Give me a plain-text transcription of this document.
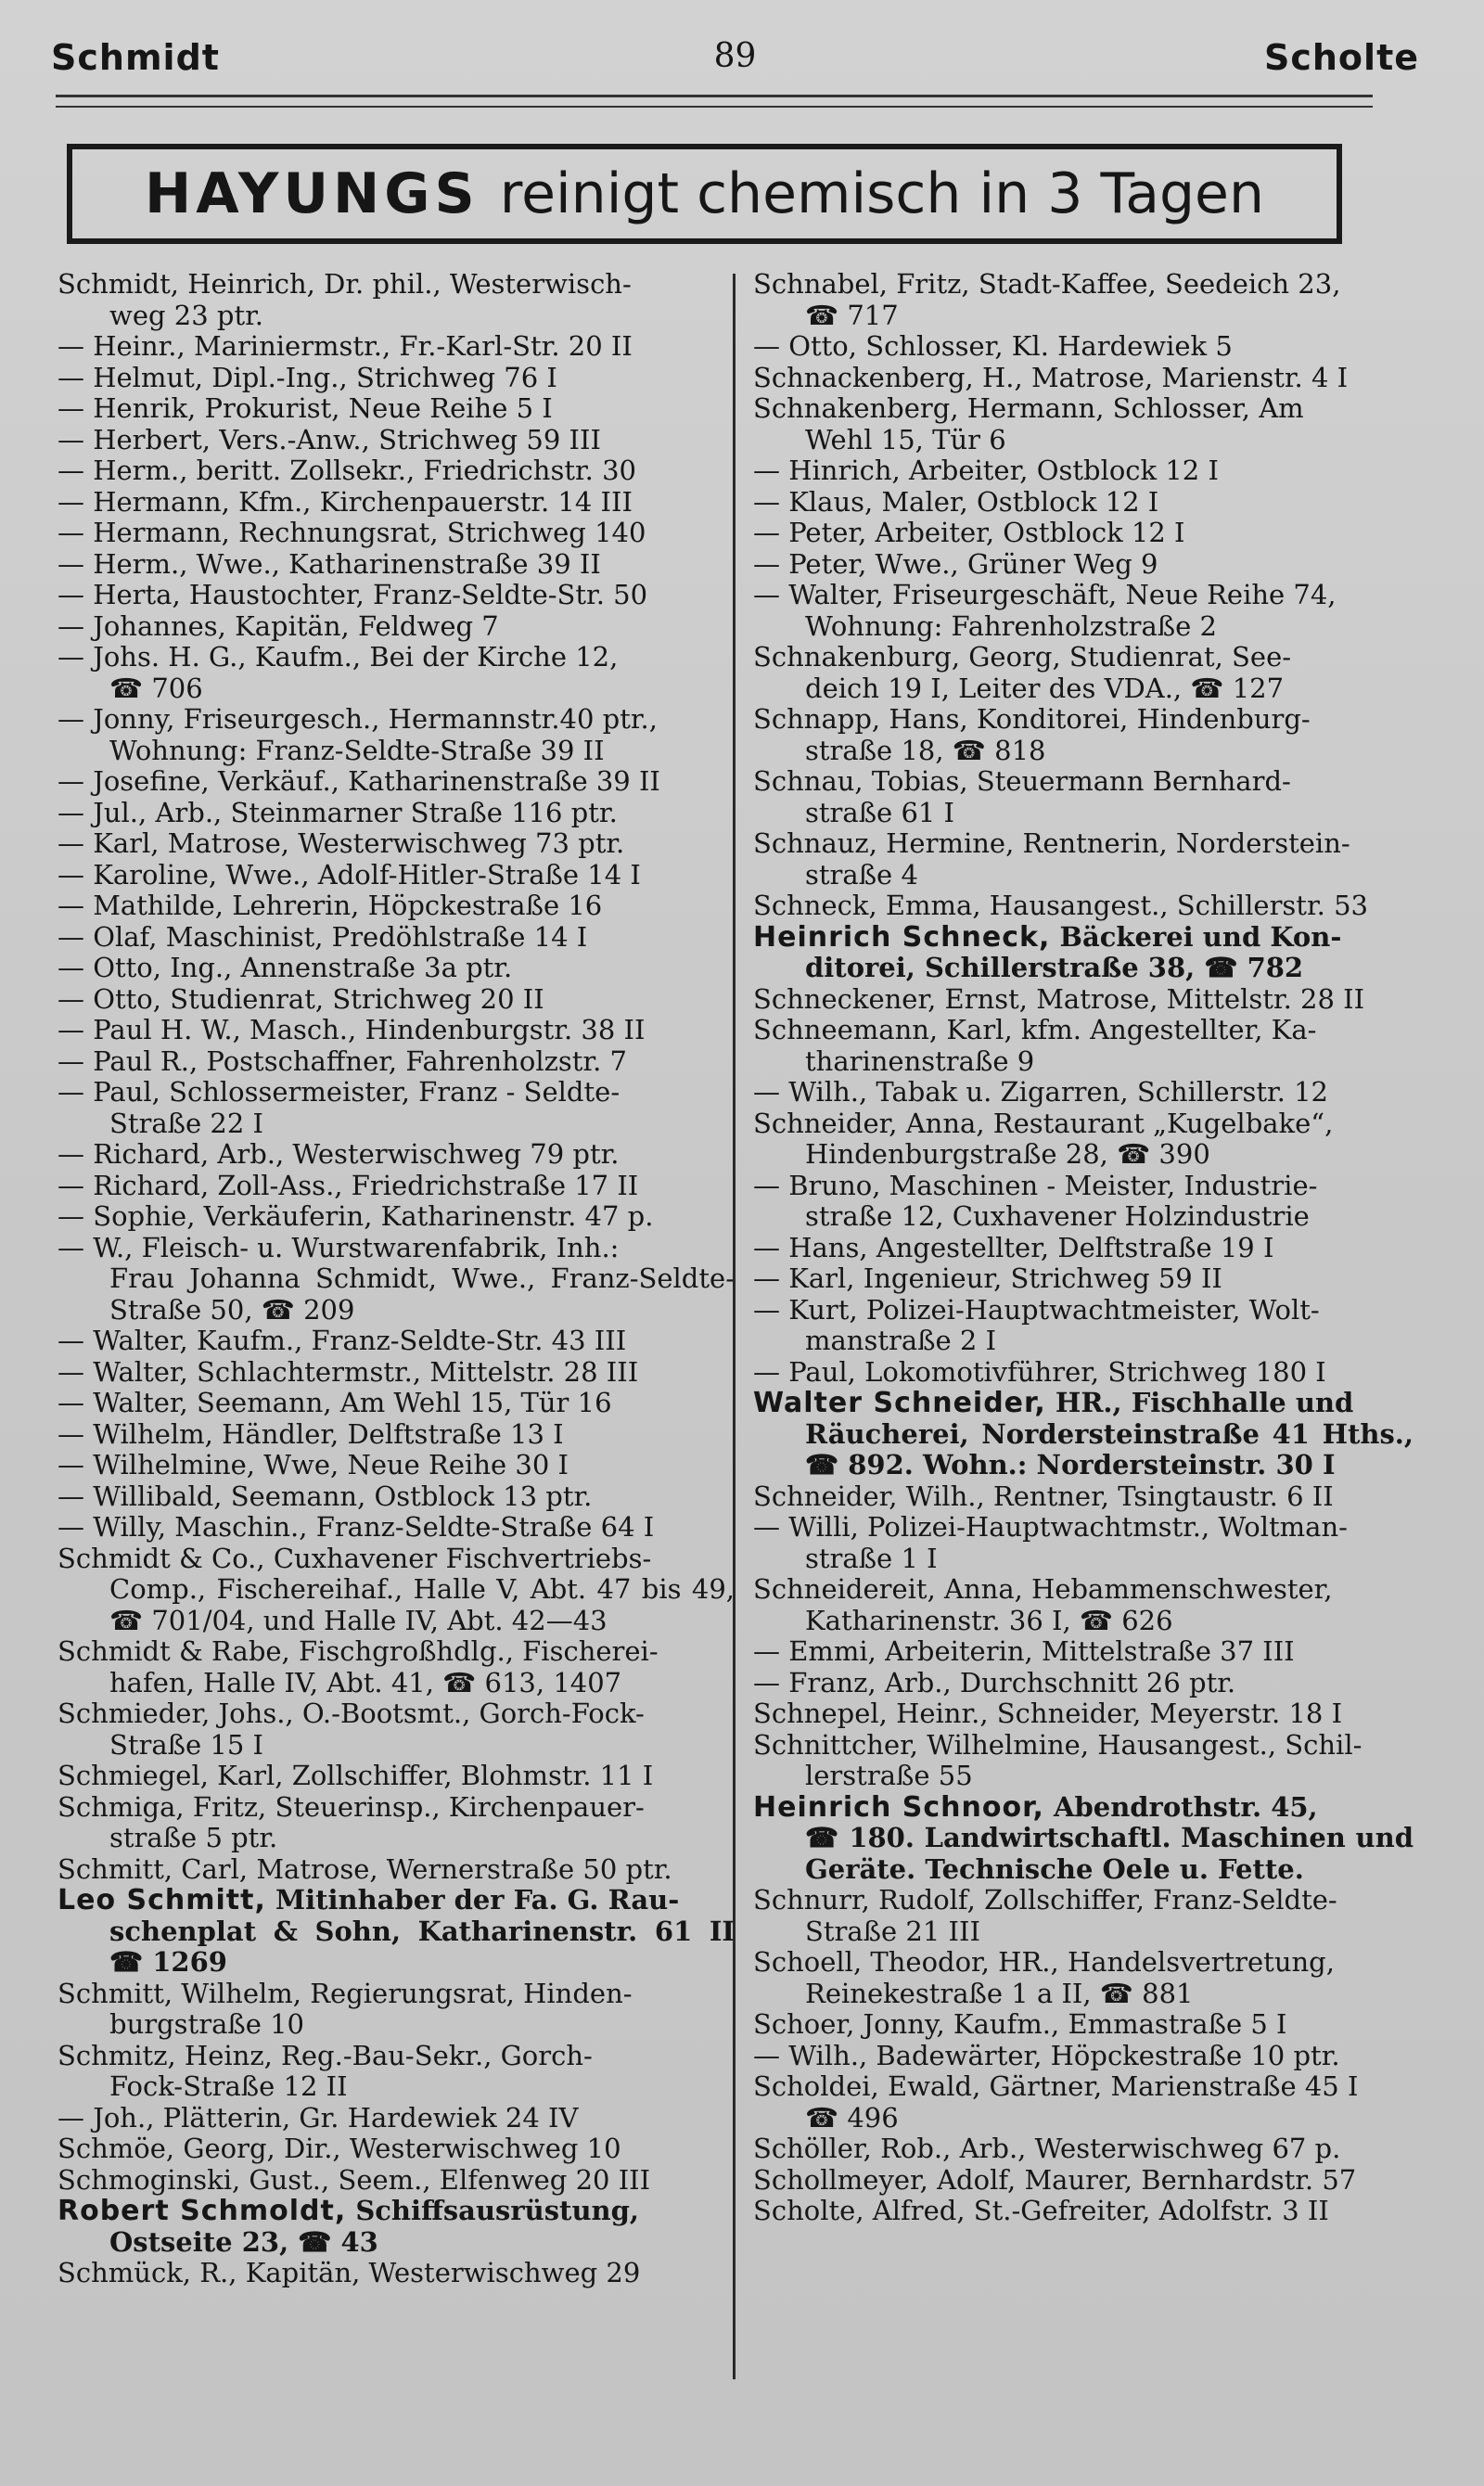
Schmidt	89	Scholte
HAYUNGS reinigt chemisch in 3 Tagen
Schmidt, Heinrich, Dr. phil., Westerwisch-
weg 23 ptr.
— Heinr., Mariniermstr., Fr.-Karl-Str. 20 II
— Helmut, Dipl.-Ing., Strichweg 76 I
— Henrik, Prokurist, Neue Reihe 5 I
— Herbert, Vers.-Anw., Strichweg 59 III
— Herm., beritt. Zollsekr., Friedrichstr. 30
— Hermann, Kfm., Kirchenpauerstr. 14 III
— Hermann, Rechnungsrat, Strichweg 140
— Herm., Wwe., Katharinenstraße 39 II
— Herta, Haustochter, Franz-Seldte-Str. 50
— Johannes, Kapitän, Feldweg 7
— Johs. H. G., Kaufm., Bei der Kirche 12,
☎ 706
— Jonny, Friseurgesch., Hermannstr.40 ptr.,
Wohnung: Franz-Seldte-Straße 39 II
— Josefine, Verkäuf., Katharinenstraße 39 II
— Jul., Arb., Steinmarner Straße 116 ptr.
— Karl, Matrose, Westerwischweg 73 ptr.
— Karoline, Wwe., Adolf-Hitler-Straße 14 I
— Mathilde, Lehrerin, Höpckestraße 16
— Olaf, Maschinist, Predöhlstraße 14 I
— Otto, Ing., Annenstraße 3a ptr.
— Otto, Studienrat, Strichweg 20 II
— Paul H. W., Masch., Hindenburgstr. 38 II
— Paul R., Postschaffner, Fahrenholzstr. 7
— Paul, Schlossermeister, Franz - Seldte-
Straße 22 I
— Richard, Arb., Westerwischweg 79 ptr.
— Richard, Zoll-Ass., Friedrichstraße 17 II
— Sophie, Verkäuferin, Katharinenstr. 47 p.
— W., Fleisch- u. Wurstwarenfabrik, Inh.:
Frau Johanna Schmidt, Wwe., Franz-Seldte-Straße 50, ☎ 209
— Walter, Kaufm., Franz-Seldte-Str. 43 III
— Walter, Schlachtermstr., Mittelstr. 28 III
— Walter, Seemann, Am Wehl 15, Tür 16
— Wilhelm, Händler, Delftstraße 13 I
— Wilhelmine, Wwe, Neue Reihe 30 I
— Willibald, Seemann, Ostblock 13 ptr.
— Willy, Maschin., Franz-Seldte-Straße 64 I
Schmidt & Co., Cuxhavener Fischvertriebs-
Comp., Fischereihaf., Halle V, Abt. 47 bis 49, ☎ 701/04, und Halle IV, Abt. 42—43
Schmidt & Rabe, Fischgroßhdlg., Fischerei-
hafen, Halle IV, Abt. 41, ☎ 613, 1407
Schmieder, Johs., O.-Bootsmt., Gorch-Fock-
Straße 15 I
Schmiegel, Karl, Zollschiffer, Blohmstr. 11 I
Schmiga, Fritz, Steuerinsp., Kirchenpauer-
straße 5 ptr.
Schmitt, Carl, Matrose, Wernerstraße 50 ptr.
Leo Schmitt, Mitinhaber der Fa. G. Rau-
schenplat & Sohn, Katharinenstr. 61 II ☎ 1269
Schmitt, Wilhelm, Regierungsrat, Hinden-
burgstraße 10
Schmitz, Heinz, Reg.-Bau-Sekr., Gorch-
Fock-Straße 12 II
— Joh., Plätterin, Gr. Hardewiek 24 IV
Schmöe, Georg, Dir., Westerwischweg 10
Schmoginski, Gust., Seem., Elfenweg 20 III
Robert Schmoldt, Schiffsausrüstung,
Ostseite 23, ☎ 43
Schmück, R., Kapitän, Westerwischweg 29
Schnabel, Fritz, Stadt-Kaffee, Seedeich 23,
☎ 717
— Otto, Schlosser, Kl. Hardewiek 5
Schnackenberg, H., Matrose, Marienstr. 4 I
Schnakenberg, Hermann, Schlosser, Am
Wehl 15, Tür 6
— Hinrich, Arbeiter, Ostblock 12 I
— Klaus, Maler, Ostblock 12 I
— Peter, Arbeiter, Ostblock 12 I
— Peter, Wwe., Grüner Weg 9
— Walter, Friseurgeschäft, Neue Reihe 74,
Wohnung: Fahrenholzstraße 2
Schnakenburg, Georg, Studienrat, See-
deich 19 I, Leiter des VDA., ☎ 127
Schnapp, Hans, Konditorei, Hindenburg-
straße 18, ☎ 818
Schnau, Tobias, Steuermann Bernhard-
straße 61 I
Schnauz, Hermine, Rentnerin, Norderstein-
straße 4
Schneck, Emma, Hausangest., Schillerstr. 53
Heinrich Schneck, Bäckerei und Kon-
ditorei, Schillerstraße 38, ☎ 782
Schneckener, Ernst, Matrose, Mittelstr. 28 II
Schneemann, Karl, kfm. Angestellter, Ka-
tharinenstraße 9
— Wilh., Tabak u. Zigarren, Schillerstr. 12
Schneider, Anna, Restaurant „Kugelbake“,
Hindenburgstraße 28, ☎ 390
— Bruno, Maschinen - Meister, Industrie-
straße 12, Cuxhavener Holzindustrie
— Hans, Angestellter, Delftstraße 19 I
— Karl, Ingenieur, Strichweg 59 II
— Kurt, Polizei-Hauptwachtmeister, Wolt-
manstraße 2 I
— Paul, Lokomotivführer, Strichweg 180 I
Walter Schneider, HR., Fischhalle und
Räucherei, Nordersteinstraße 41 Hths., ☎ 892. Wohn.: Nordersteinstr. 30 I
Schneider, Wilh., Rentner, Tsingtaustr. 6 II
— Willi, Polizei-Hauptwachtmstr., Woltman-
straße 1 I
Schneidereit, Anna, Hebammenschwester,
Katharinenstr. 36 I, ☎ 626
— Emmi, Arbeiterin, Mittelstraße 37 III
— Franz, Arb., Durchschnitt 26 ptr.
Schnepel, Heinr., Schneider, Meyerstr. 18 I
Schnittcher, Wilhelmine, Hausangest., Schil-
lerstraße 55
Heinrich Schnoor, Abendrothstr. 45,
☎ 180. Landwirtschaftl. Maschinen und Geräte. Technische Oele u. Fette.
Schnurr, Rudolf, Zollschiffer, Franz-Seldte-
Straße 21 III
Schoell, Theodor, HR., Handelsvertretung,
Reinekestraße 1 a II, ☎ 881
Schoer, Jonny, Kaufm., Emmastraße 5 I
— Wilh., Badewärter, Höpckestraße 10 ptr.
Scholdei, Ewald, Gärtner, Marienstraße 45 I
☎ 496
Schöller, Rob., Arb., Westerwischweg 67 p.
Schollmeyer, Adolf, Maurer, Bernhardstr. 57
Scholte, Alfred, St.-Gefreiter, Adolfstr. 3 II
